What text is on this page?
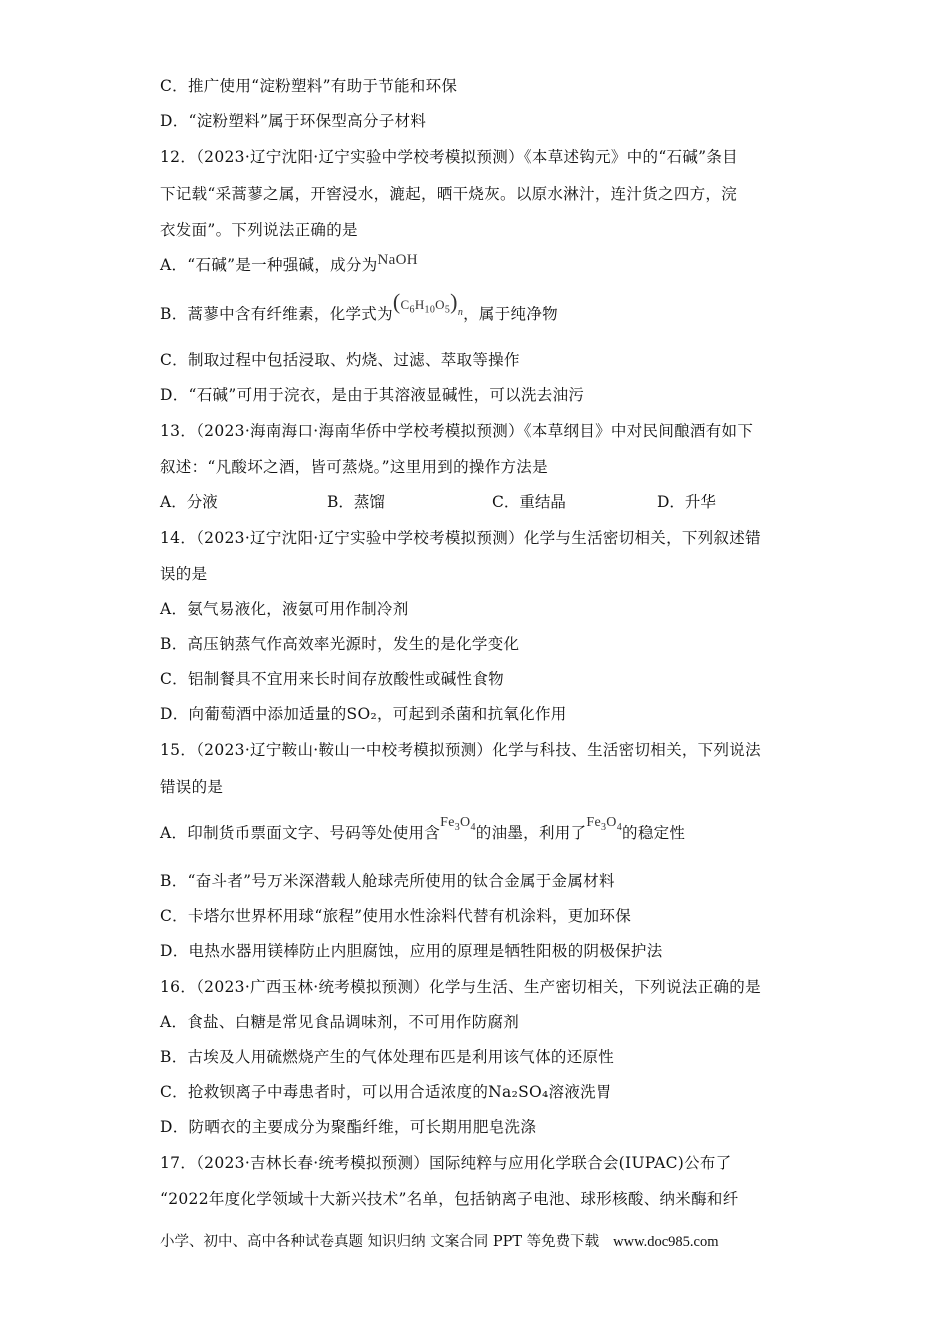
C．推广使用“淀粉塑料”有助于节能和环保
D．“淀粉塑料”属于环保型高分子材料
12．（2023·辽宁沈阳·辽宁实验中学校考模拟预测）《本草述钩元》中的“石碱”条目
下记载“采蒿蓼之属，开窖浸水，漉起，晒干烧灰。以原水淋汁，连汁货之四方，浣
衣发面”。下列说法正确的是
A．“石碱”是一种强碱，成分为NaOH
B．蒿蓼中含有纤维素，化学式为$(^{C_6H_{10}O_5})^n$，属于纯净物
C．制取过程中包括浸取、灼烧、过滤、萃取等操作
D．“石碱”可用于浣衣，是由于其溶液显碱性，可以洗去油污
13．（2023·海南海口·海南华侨中学校考模拟预测）《本草纲目》中对民间酿酒有如下
叙述：“凡酸坏之酒，皆可蒸烧。”这里用到的操作方法是
A．分液	B．蒸馏	C．重结晶	D．升华
14．（2023·辽宁沈阳·辽宁实验中学校考模拟预测）化学与生活密切相关，下列叙述错
误的是
A．氨气易液化，液氨可用作制冷剂
B．高压钠蒸气作高效率光源时，发生的是化学变化
C．铝制餐具不宜用来长时间存放酸性或碱性食物
D．向葡萄酒中添加适量的SO₂，可起到杀菌和抗氧化作用
15．（2023·辽宁鞍山·鞍山一中校考模拟预测）化学与科技、生活密切相关，下列说法
错误的是
A．印制货币票面文字、号码等处使用含$Fe_3O_4$的油墨，利用了$Fe_3O_4$的稳定性
B．“奋斗者”号万米深潜载人舱球壳所使用的钛合金属于金属材料
C．卡塔尔世界杯用球“旅程”使用水性涂料代替有机涂料，更加环保
D．电热水器用镁棒防止内胆腐蚀，应用的原理是牺牲阳极的阴极保护法
16．（2023·广西玉林·统考模拟预测）化学与生活、生产密切相关，下列说法正确的是
A．食盐、白糖是常见食品调味剂，不可用作防腐剂
B．古埃及人用硫燃烧产生的气体处理布匹是利用该气体的还原性
C．抢救钡离子中毒患者时，可以用合适浓度的Na₂SO₄溶液洗胃
D．防晒衣的主要成分为聚酯纤维，可长期用肥皂洗涤
17．（2023·吉林长春·统考模拟预测）国际纯粹与应用化学联合会(IUPAC)公布了
“2022年度化学领域十大新兴技术”名单，包括钠离子电池、球形核酸、纳米酶和纤
小学、初中、高中各种试卷真题 知识归纳 文案合同 PPT 等免费下载 www.doc985.com
